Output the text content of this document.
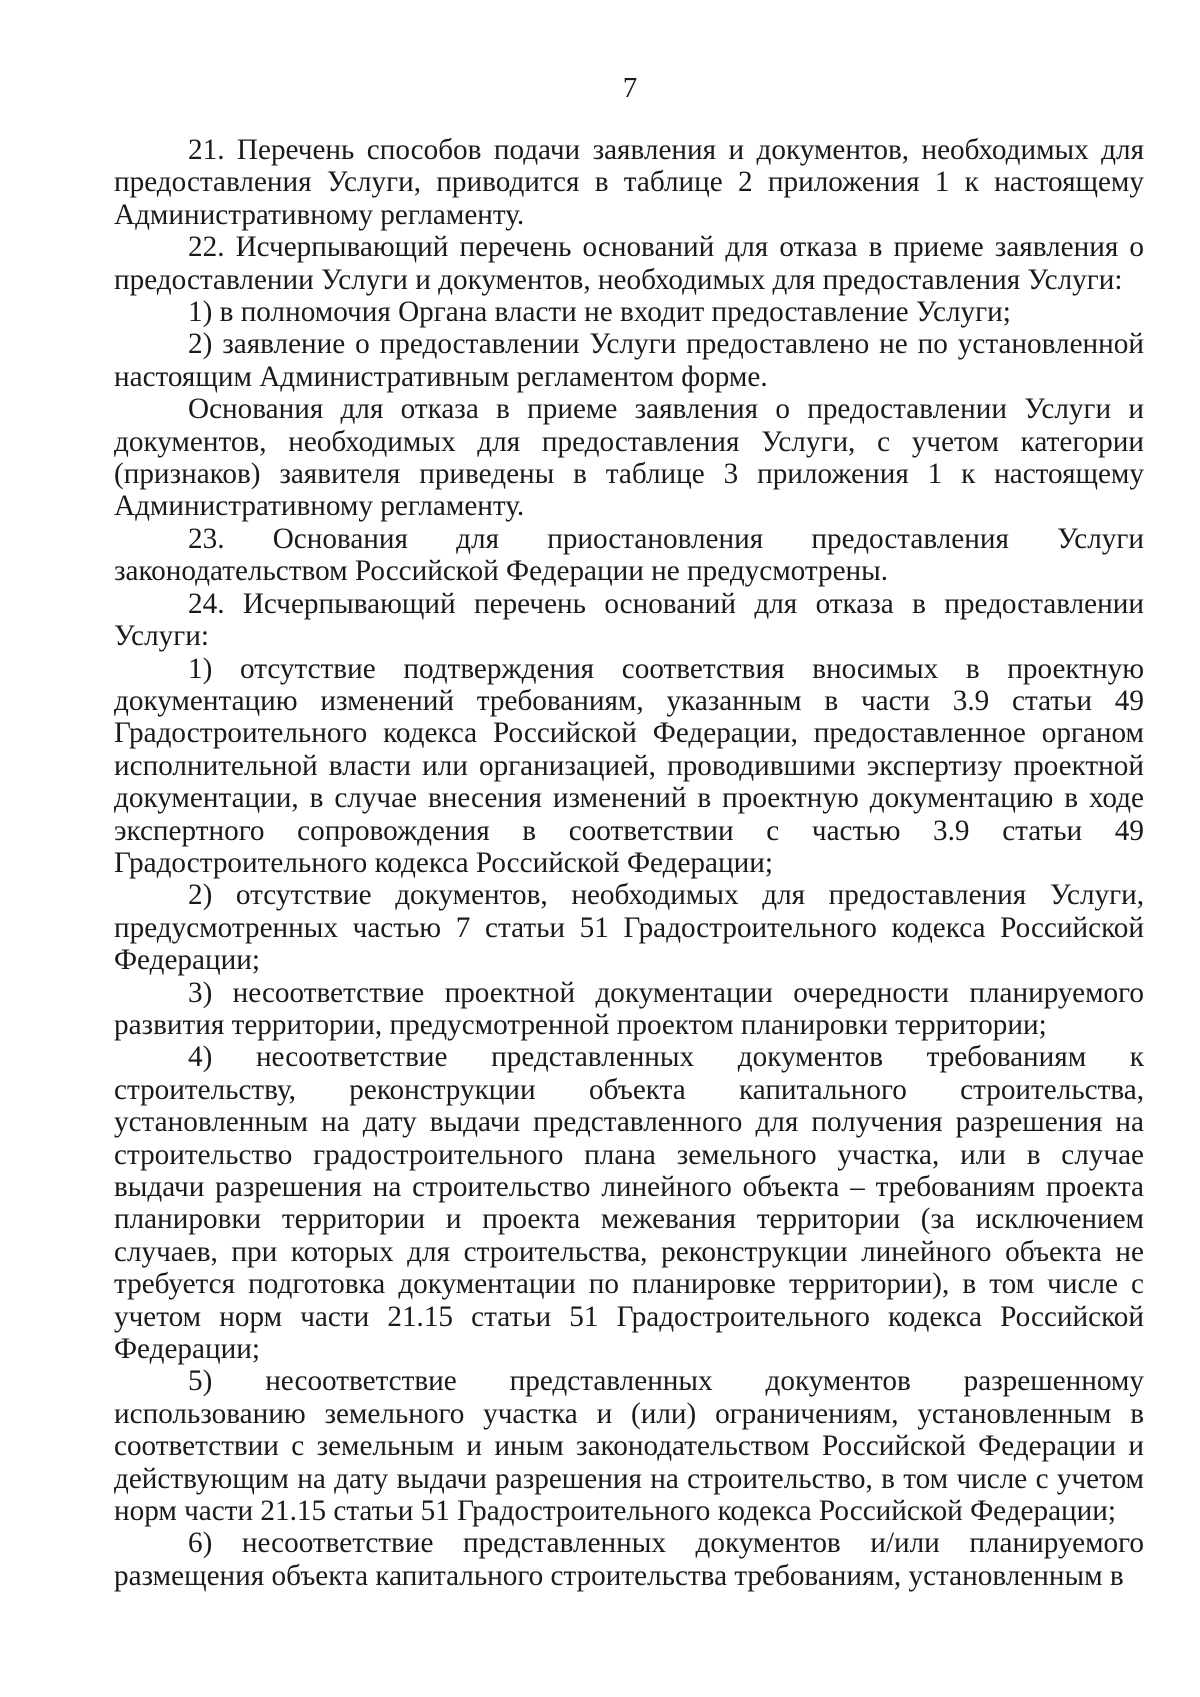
7

21. Перечень способов подачи заявления и документов, необходимых для предоставления Услуги, приводится в таблице 2 приложения 1 к настоящему Административному регламенту.

22. Исчерпывающий перечень оснований для отказа в приеме заявления о предоставлении Услуги и документов, необходимых для предоставления Услуги:

1) в полномочия Органа власти не входит предоставление Услуги;

2) заявление о предоставлении Услуги предоставлено не по установленной настоящим Административным регламентом форме.

Основания для отказа в приеме заявления о предоставлении Услуги и документов, необходимых для предоставления Услуги, с учетом категории (признаков) заявителя приведены в таблице 3 приложения 1 к настоящему Административному регламенту.

23. Основания для приостановления предоставления Услуги законодательством Российской Федерации не предусмотрены.

24. Исчерпывающий перечень оснований для отказа в предоставлении Услуги:

1) отсутствие подтверждения соответствия вносимых в проектную документацию изменений требованиям, указанным в части 3.9 статьи 49 Градостроительного кодекса Российской Федерации, предоставленное органом исполнительной власти или организацией, проводившими экспертизу проектной документации, в случае внесения изменений в проектную документацию в ходе экспертного сопровождения в соответствии с частью 3.9 статьи 49 Градостроительного кодекса Российской Федерации;

2) отсутствие документов, необходимых для предоставления Услуги, предусмотренных частью 7 статьи 51 Градостроительного кодекса Российской Федерации;

3) несоответствие проектной документации очередности планируемого развития территории, предусмотренной проектом планировки территории;

4) несоответствие представленных документов требованиям к строительству, реконструкции объекта капитального строительства, установленным на дату выдачи представленного для получения разрешения на строительство градостроительного плана земельного участка, или в случае выдачи разрешения на строительство линейного объекта – требованиям проекта планировки территории и проекта межевания территории (за исключением случаев, при которых для строительства, реконструкции линейного объекта не требуется подготовка документации по планировке территории), в том числе с учетом норм части 21.15 статьи 51 Градостроительного кодекса Российской Федерации;

5) несоответствие представленных документов разрешенному использованию земельного участка и (или) ограничениям, установленным в соответствии с земельным и иным законодательством Российской Федерации и действующим на дату выдачи разрешения на строительство, в том числе с учетом норм части 21.15 статьи 51 Градостроительного кодекса Российской Федерации;

6) несоответствие представленных документов и/или планируемого размещения объекта капитального строительства требованиям, установленным в
